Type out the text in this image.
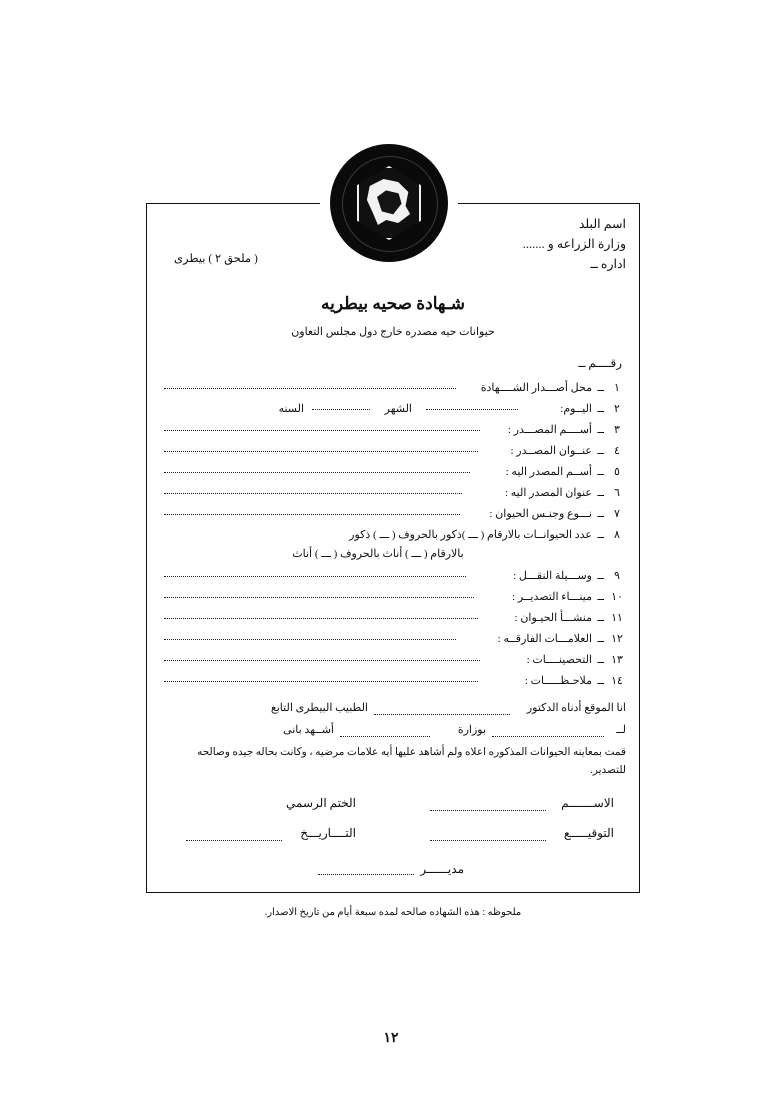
اسم البلد
وزارة الزراعه و .......
اداره ــ
( ملحق ٢ ) بيطرى
شـهادة صحيه بيطريه
حيوانات حيه مصدره خارج دول مجلس التعاون
رقــــم ــ
١
ــ
محل أصـــدار الشــــهادة
٢
ــ
اليــوم:
الشهر
السنه
٣
ــ
أســــم المصـــدر :
٤
ــ
عنــوان المصــدر :
٥
ــ
أســم المصدر اليه :
٦
ــ
عنوان المصدر اليه :
٧
ــ
نـــوع وجنـس الحيوان :
٨
ــ
عدد الحيوانــات بالارقام ( ـــ )ذكور بالحروف ( ـــ ) ذكور
بالارقام ( ـــ ) أناث بالحروف ( ـــ ) أناث
٩
ــ
وســـيلة النقـــل :
١٠
ــ
مينـــاء التصديــر :
١١
ــ
منشـــأ الحيـوان :
١٢
ــ
العلامـــات الفارقــه :
١٣
ــ
التحصينــــات :
١٤
ــ
ملاحـظـــــات :
انا الموقع أدناه الدكتور
الطبيب البيطرى التابع
لــ
بوزارة
أشــهد بانى
قمت بمعاينه الحيوانات المذكوره اعلاه ولم أشاهد عليها أيه علامات مرضيه ، وكانت بحاله جيده وصالحه للتصدير.
الاســـــــم
الختم الرسمي
التوقيـــــع
التــــاريـــخ
مديــــــر
ملحوظه : هذه الشهاده صالحه لمده سبعة أيام من تاريخ الاصدار.
١٢
